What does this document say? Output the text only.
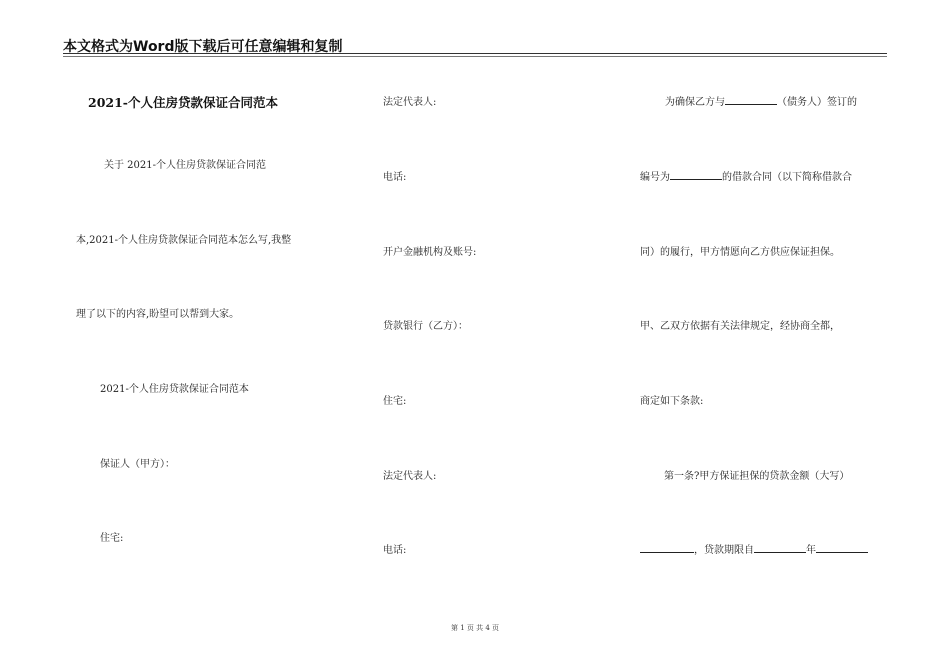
本文格式为Word版下载后可任意编辑和复制
2021-个人住房贷款保证合同范本
关于 2021-个人住房贷款保证合同范
本,2021-个人住房贷款保证合同范本怎么写,我整
理了以下的内容,盼望可以帮到大家。
2021-个人住房贷款保证合同范本
保证人（甲方）：
住宅:
法定代表人:
电话:
开户金融机构及账号:
贷款银行（乙方）：
住宅:
法定代表人:
电话:
为确保乙方与	（债务人）签订的
编号为	的借款合同（以下简称借款合
同）的履行，甲方情愿向乙方供应保证担保。
甲、乙双方依据有关法律规定，经协商全都，
商定如下条款:
第一条?甲方保证担保的贷款金额（大写）
，贷款期限自	年
第 1 页 共 4 页
